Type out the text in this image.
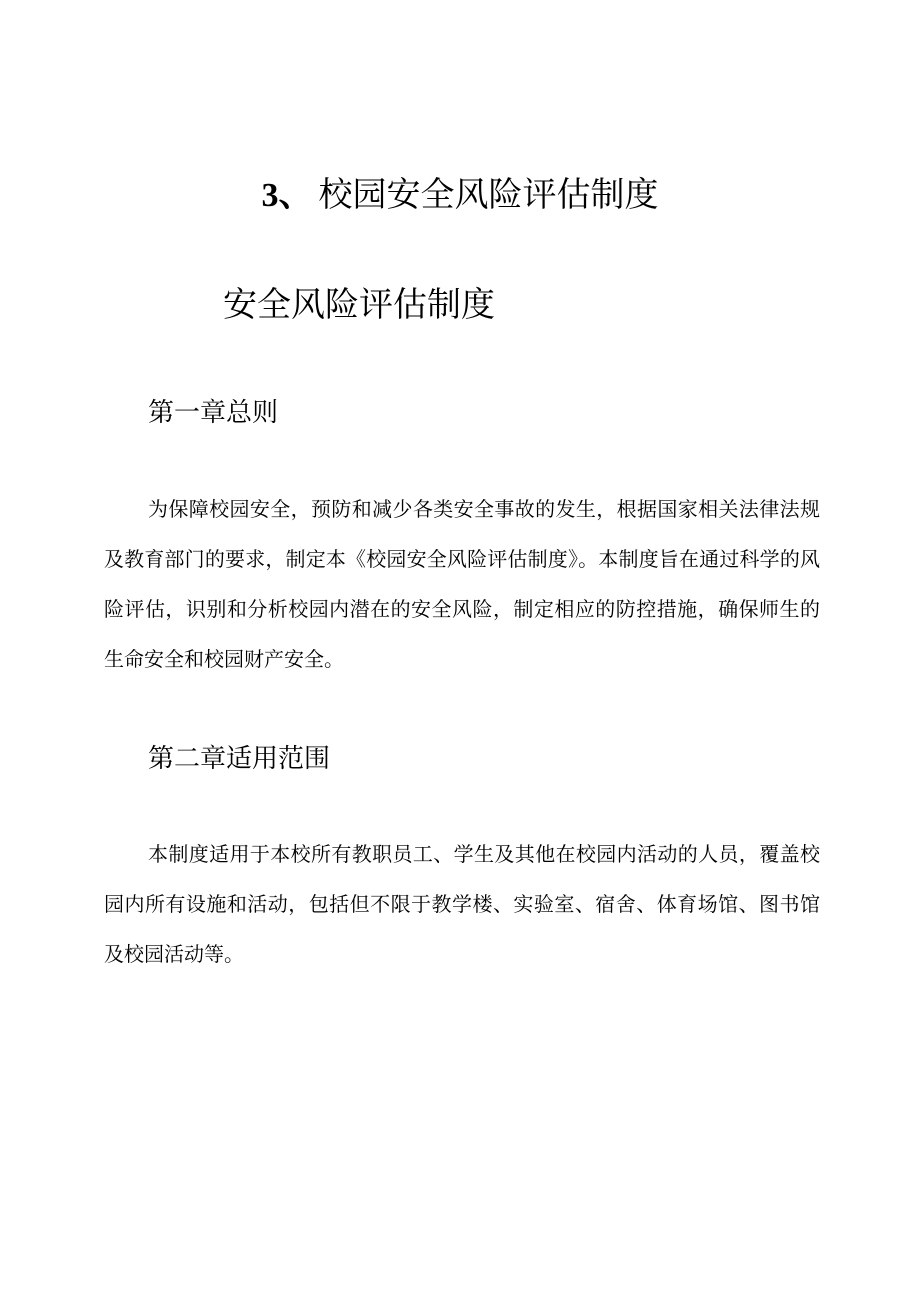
3、 校园安全风险评估制度
安全风险评估制度
第一章总则
为保障校园安全，预防和减少各类安全事故的发生，根据国家相关法律法规及教育部门的要求，制定本《校园安全风险评估制度》。本制度旨在通过科学的风险评估，识别和分析校园内潜在的安全风险，制定相应的防控措施，确保师生的生命安全和校园财产安全。
第二章适用范围
本制度适用于本校所有教职员工、学生及其他在校园内活动的人员，覆盖校园内所有设施和活动，包括但不限于教学楼、实验室、宿舍、体育场馆、图书馆及校园活动等。
